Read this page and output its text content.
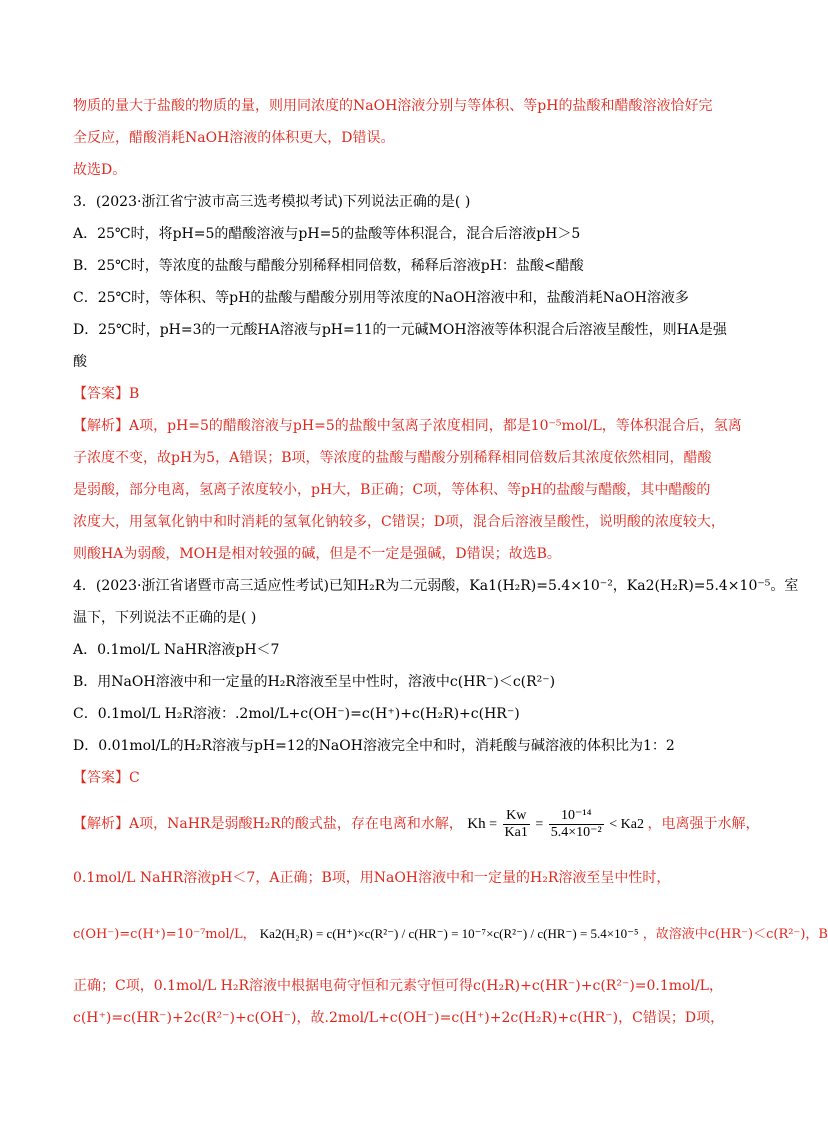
物质的量大于盐酸的物质的量，则用同浓度的NaOH溶液分别与等体积、等pH的盐酸和醋酸溶液恰好完
全反应，醋酸消耗NaOH溶液的体积更大，D错误。
故选D。
3．(2023·浙江省宁波市高三选考模拟考试)下列说法正确的是( )
A．25℃时，将pH=5的醋酸溶液与pH=5的盐酸等体积混合，混合后溶液pH＞5
B．25℃时，等浓度的盐酸与醋酸分别稀释相同倍数，稀释后溶液pH：盐酸<醋酸
C．25℃时，等体积、等pH的盐酸与醋酸分别用等浓度的NaOH溶液中和，盐酸消耗NaOH溶液多
D．25℃时，pH=3的一元酸HA溶液与pH=11的一元碱MOH溶液等体积混合后溶液呈酸性，则HA是强
酸
【答案】B
【解析】A项，pH=5的醋酸溶液与pH=5的盐酸中氢离子浓度相同，都是10⁻⁵mol/L，等体积混合后，氢离
子浓度不变，故pH为5，A错误；B项，等浓度的盐酸与醋酸分别稀释相同倍数后其浓度依然相同，醋酸
是弱酸，部分电离，氢离子浓度较小，pH大，B正确；C项，等体积、等pH的盐酸与醋酸，其中醋酸的
浓度大，用氢氧化钠中和时消耗的氢氧化钠较多，C错误；D项，混合后溶液呈酸性，说明酸的浓度较大，
则酸HA为弱酸，MOH是相对较强的碱，但是不一定是强碱，D错误；故选B。
4．(2023·浙江省诸暨市高三适应性考试)已知H₂R为二元弱酸，Ka1(H₂R)=5.4×10⁻²，Ka2(H₂R)=5.4×10⁻⁵。室
温下，下列说法不正确的是( )
A．0.1mol/L NaHR溶液pH＜7
B．用NaOH溶液中和一定量的H₂R溶液至呈中性时，溶液中c(HR⁻)＜c(R²⁻)
C．0.1mol/L H₂R溶液：.2mol/L+c(OH⁻)=c(H⁺)+c(H₂R)+c(HR⁻)
D．0.01mol/L的H₂R溶液与pH=12的NaOH溶液完全中和时，消耗酸与碱溶液的体积比为1：2
【答案】C
【解析】A项，NaHR是弱酸H₂R的酸式盐，存在电离和水解， $Kh = \frac{Kw}{Ka1} = \frac{\text{10⁻¹⁴}}{\text{5.4×10⁻²}} < Ka2$ ，电离强于水解，
0.1mol/L NaHR溶液pH＜7，A正确；B项，用NaOH溶液中和一定量的H₂R溶液至呈中性时，
c(OH⁻)=c(H⁺)=10⁻⁷mol/L， Ka2(H₂R) = c(H⁺)×c(R²⁻) / c(HR⁻) = 10⁻⁷×c(R²⁻) / c(HR⁻) = 5.4×10⁻⁵ ，故溶液中c(HR⁻)＜c(R²⁻)，B
正确；C项，0.1mol/L H₂R溶液中根据电荷守恒和元素守恒可得c(H₂R)+c(HR⁻)+c(R²⁻)=0.1mol/L，
c(H⁺)=c(HR⁻)+2c(R²⁻)+c(OH⁻)，故.2mol/L+c(OH⁻)=c(H⁺)+2c(H₂R)+c(HR⁻)，C错误；D项，
